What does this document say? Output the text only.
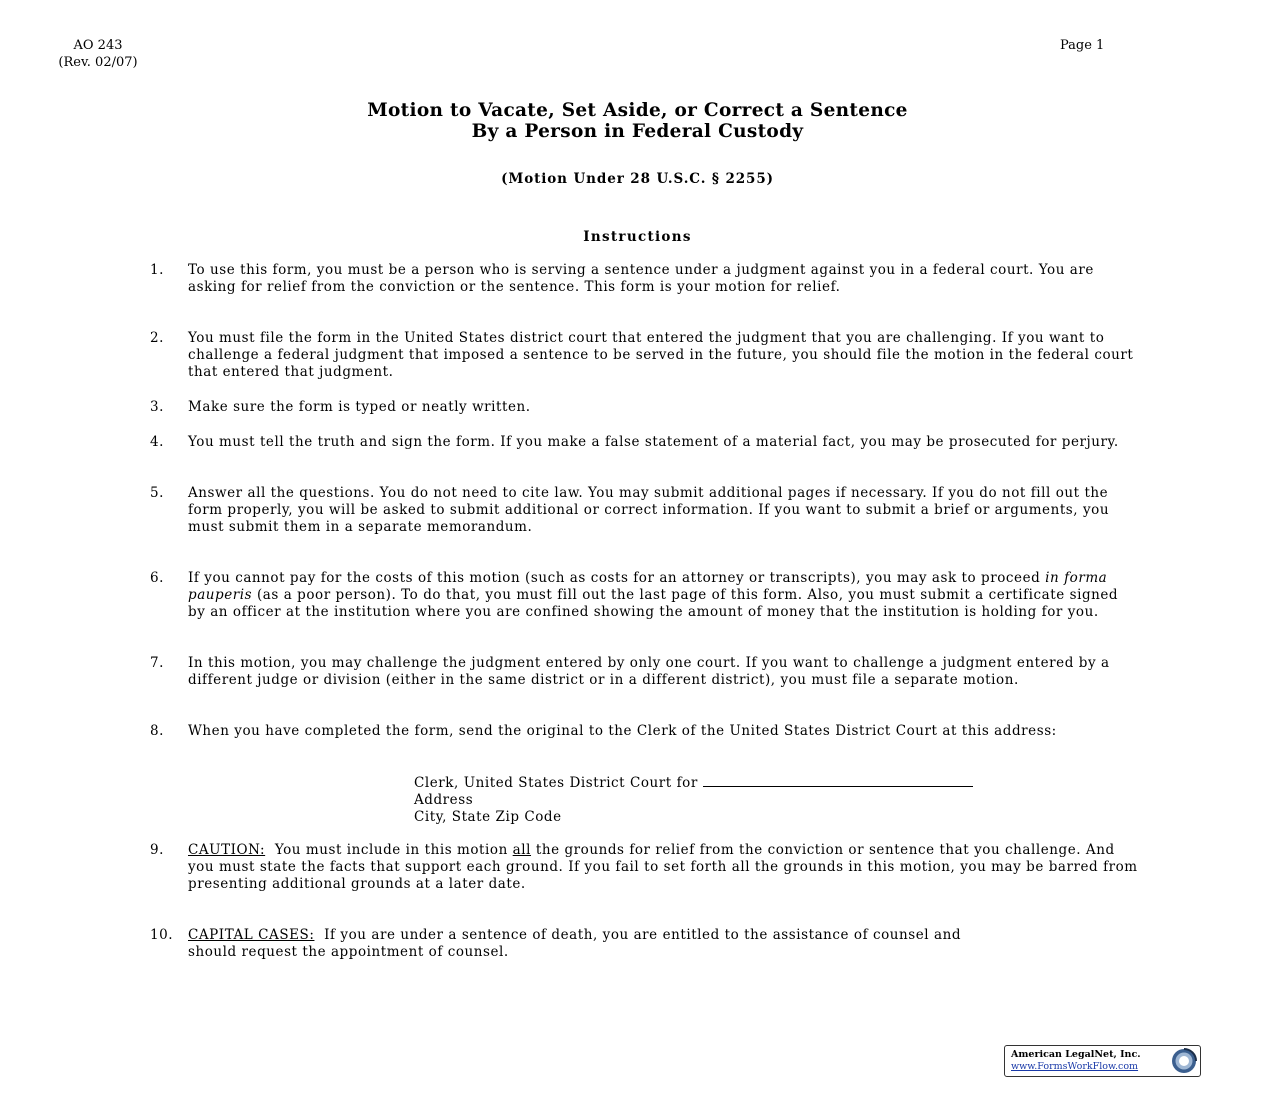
AO 243
(Rev. 02/07)
Page 1
Motion to Vacate, Set Aside, or Correct a Sentence
By a Person in Federal Custody
(Motion Under 28 U.S.C. § 2255)
Instructions
1. To use this form, you must be a person who is serving a sentence under a judgment against you in a federal court. You are asking for relief from the conviction or the sentence. This form is your motion for relief.
2. You must file the form in the United States district court that entered the judgment that you are challenging. If you want to challenge a federal judgment that imposed a sentence to be served in the future, you should file the motion in the federal court that entered that judgment.
3. Make sure the form is typed or neatly written.
4. You must tell the truth and sign the form. If you make a false statement of a material fact, you may be prosecuted for perjury.
5. Answer all the questions. You do not need to cite law. You may submit additional pages if necessary. If you do not fill out the form properly, you will be asked to submit additional or correct information. If you want to submit a brief or arguments, you must submit them in a separate memorandum.
6. If you cannot pay for the costs of this motion (such as costs for an attorney or transcripts), you may ask to proceed in forma pauperis (as a poor person). To do that, you must fill out the last page of this form. Also, you must submit a certificate signed by an officer at the institution where you are confined showing the amount of money that the institution is holding for you.
7. In this motion, you may challenge the judgment entered by only one court. If you want to challenge a judgment entered by a different judge or division (either in the same district or in a different district), you must file a separate motion.
8. When you have completed the form, send the original to the Clerk of the United States District Court at this address:
Clerk, United States District Court for
Address
City, State Zip Code
9. CAUTION:  You must include in this motion all the grounds for relief from the conviction or sentence that you challenge. And you must state the facts that support each ground. If you fail to set forth all the grounds in this motion, you may be barred from presenting additional grounds at a later date.
10. CAPITAL CASES:  If you are under a sentence of death, you are entitled to the assistance of counsel and should request the appointment of counsel.
American LegalNet, Inc.
www.FormsWorkFlow.com
